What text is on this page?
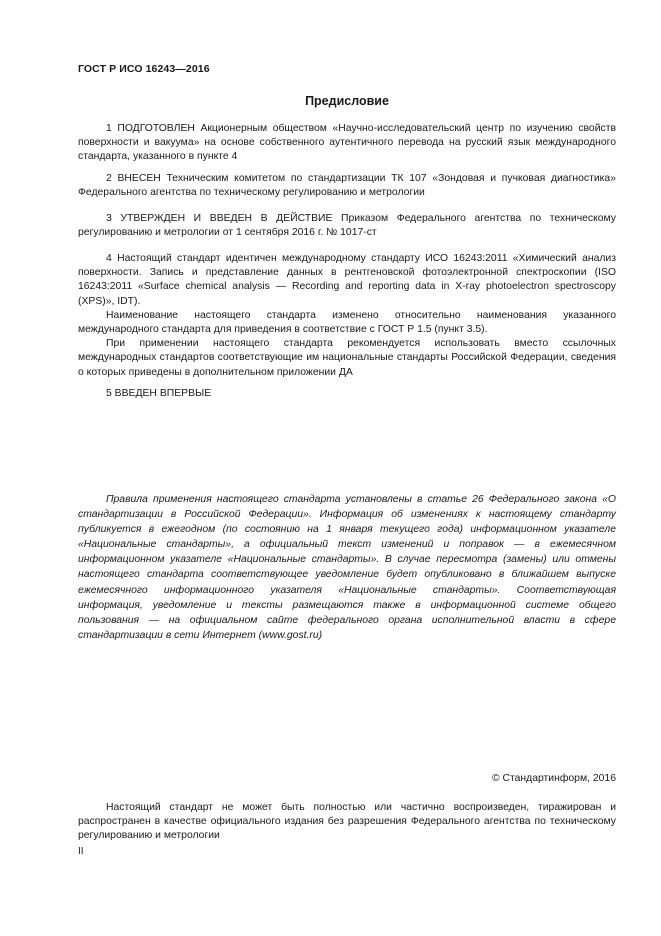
ГОСТ Р ИСО 16243—2016
Предисловие

1 ПОДГОТОВЛЕН Акционерным обществом «Научно-исследовательский центр по изучению свойств поверхности и вакуума» на основе собственного аутентичного перевода на русский язык международного стандарта, указанного в пункте 4

2 ВНЕСЕН Техническим комитетом по стандартизации ТК 107 «Зондовая и пучковая диагностика» Федерального агентства по техническому регулированию и метрологии

3 УТВЕРЖДЕН И ВВЕДЕН В ДЕЙСТВИЕ Приказом Федерального агентства по техническому регулированию и метрологии от 1 сентября 2016 г. № 1017-ст

4 Настоящий стандарт идентичен международному стандарту ИСО 16243:2011 «Химический анализ поверхности. Запись и представление данных в рентгеновской фотоэлектронной спектроскопии (ISO 16243:2011 «Surface chemical analysis — Recording and reporting data in X-ray photoelectron spectroscopy (XPS)», IDT).

Наименование настоящего стандарта изменено относительно наименования указанного международного стандарта для приведения в соответствие с ГОСТ Р 1.5 (пункт 3.5).

При применении настоящего стандарта рекомендуется использовать вместо ссылочных международных стандартов соответствующие им национальные стандарты Российской Федерации, сведения о которых приведены в дополнительном приложении ДА

5 ВВЕДЕН ВПЕРВЫЕ

Правила применения настоящего стандарта установлены в статье 26 Федерального закона «О стандартизации в Российской Федерации». Информация об изменениях к настоящему стандарту публикуется в ежегодном (по состоянию на 1 января текущего года) информационном указателе «Национальные стандарты», а официальный текст изменений и поправок — в ежемесячном информационном указателе «Национальные стандарты». В случае пересмотра (замены) или отмены настоящего стандарта соответствующее уведомление будет опубликовано в ближайшем выпуске ежемесячного информационного указателя «Национальные стандарты». Соответствующая информация, уведомление и тексты размещаются также в информационной системе общего пользования — на официальном сайте федерального органа исполнительной власти в сфере стандартизации в сети Интернет (www.gost.ru)

© Стандартинформ, 2016

Настоящий стандарт не может быть полностью или частично воспроизведен, тиражирован и распространен в качестве официального издания без разрешения Федерального агентства по техническому регулированию и метрологии

II
